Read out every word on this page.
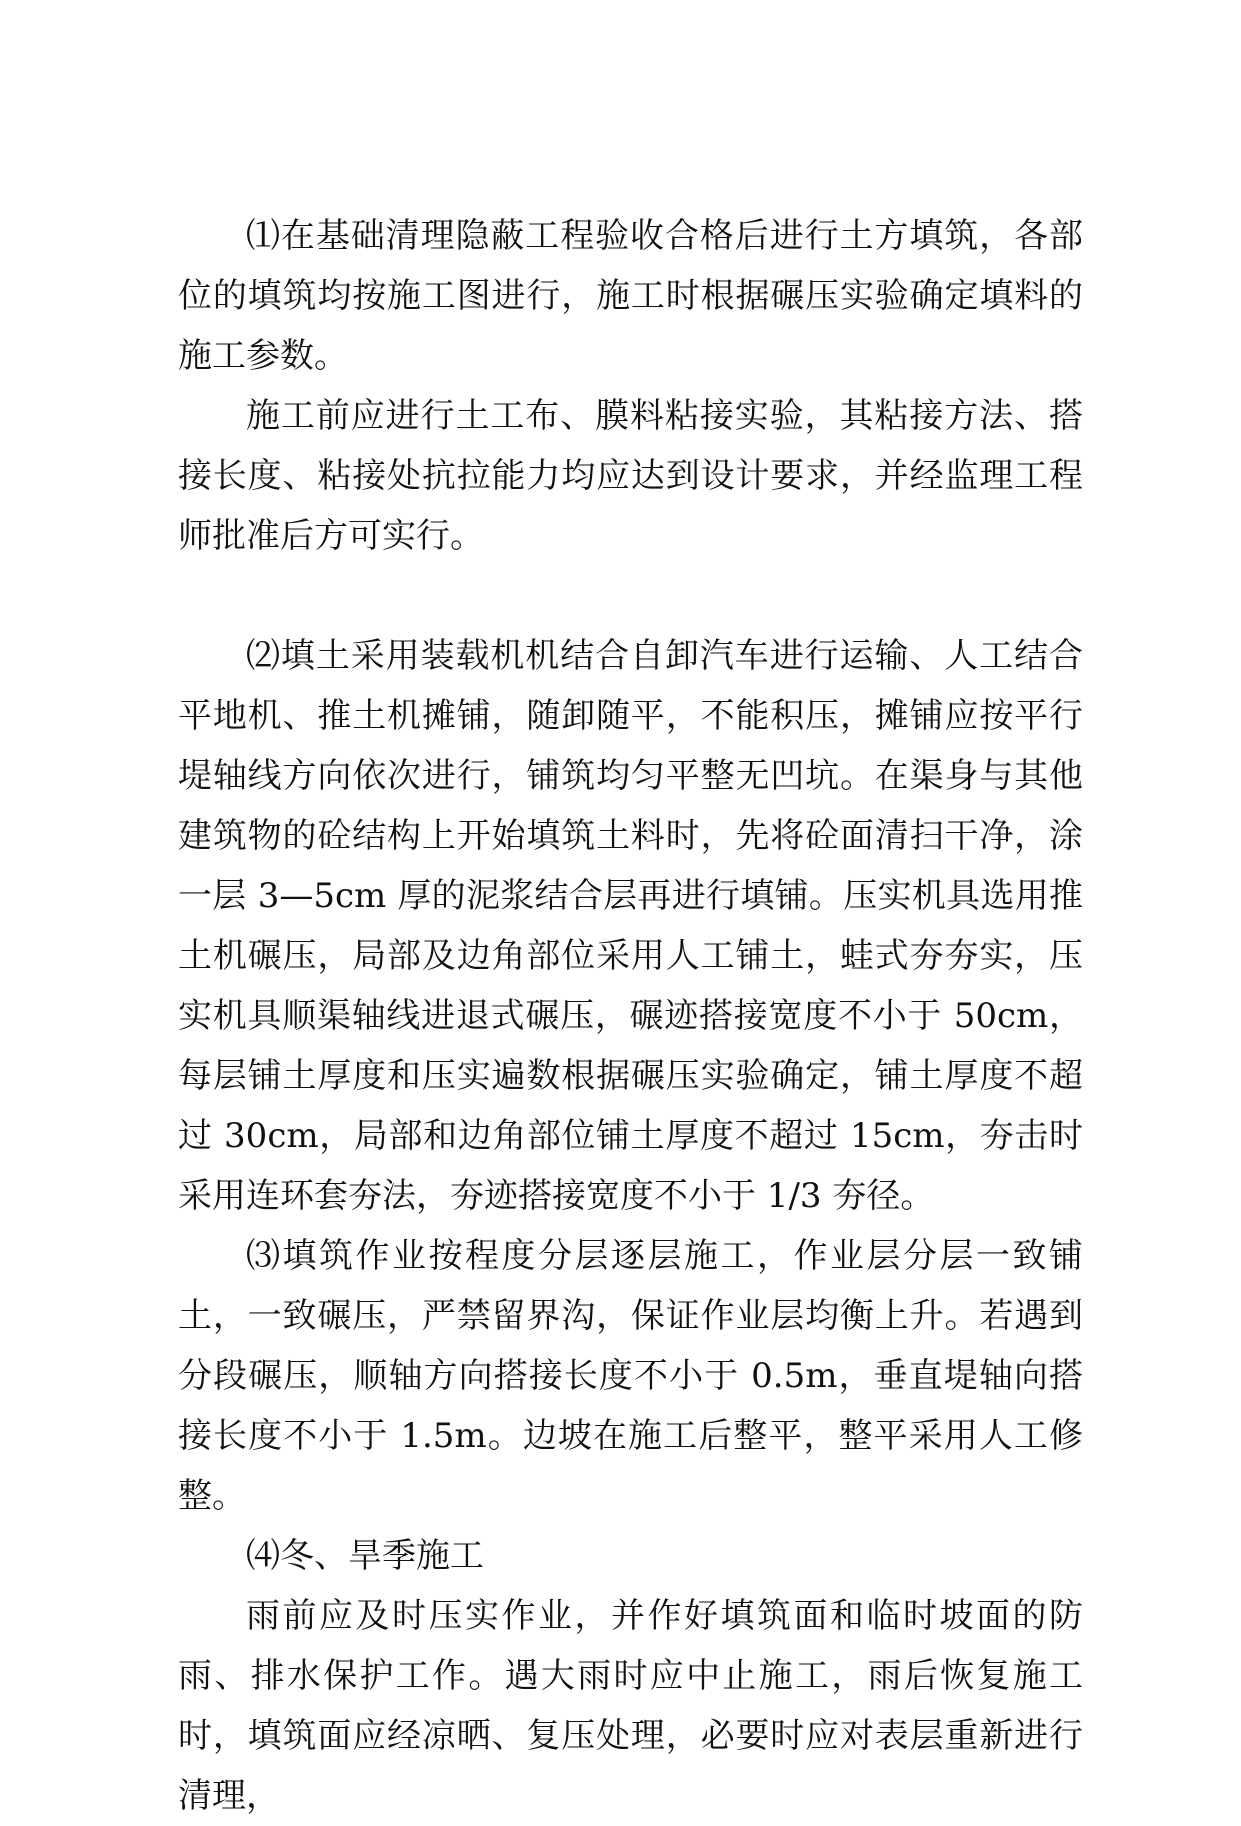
⑴在基础清理隐蔽工程验收合格后进行土方填筑，各部位的填筑均按施工图进行，施工时根据碾压实验确定填料的施工参数。

施工前应进行土工布、膜料粘接实验，其粘接方法、搭接长度、粘接处抗拉能力均应达到设计要求，并经监理工程师批准后方可实行。

⑵填土采用装载机机结合自卸汽车进行运输、人工结合平地机、推土机摊铺，随卸随平，不能积压，摊铺应按平行堤轴线方向依次进行，铺筑均匀平整无凹坑。在渠身与其他建筑物的砼结构上开始填筑土料时，先将砼面清扫干净，涂一层 3—5cm 厚的泥浆结合层再进行填铺。压实机具选用推土机碾压，局部及边角部位采用人工铺土，蛙式夯夯实，压实机具顺渠轴线进退式碾压，碾迹搭接宽度不小于 50cm，每层铺土厚度和压实遍数根据碾压实验确定，铺土厚度不超过 30cm，局部和边角部位铺土厚度不超过 15cm，夯击时采用连环套夯法，夯迹搭接宽度不小于 1/3 夯径。

⑶填筑作业按程度分层逐层施工，作业层分层一致铺土，一致碾压，严禁留界沟，保证作业层均衡上升。若遇到分段碾压，顺轴方向搭接长度不小于 0.5m，垂直堤轴向搭接长度不小于 1.5m。边坡在施工后整平，整平采用人工修整。

⑷冬、旱季施工

雨前应及时压实作业，并作好填筑面和临时坡面的防雨、排水保护工作。遇大雨时应中止施工，雨后恢复施工时，填筑面应经凉晒、复压处理，必要时应对表层重新进行清理，
